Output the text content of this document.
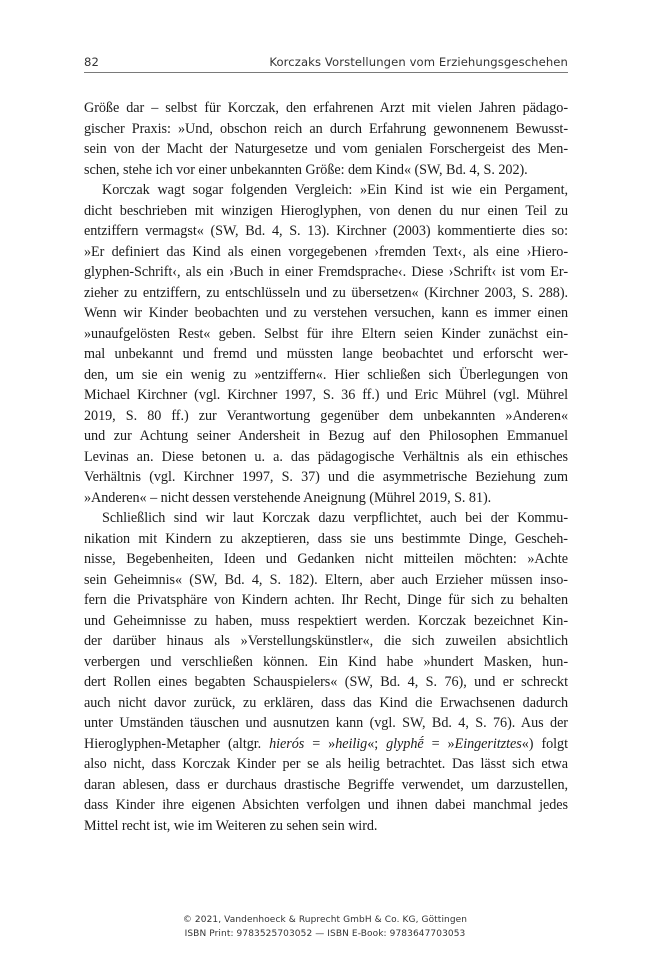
82	Korczaks Vorstellungen vom Erziehungsgeschehen
Größe dar – selbst für Korczak, den erfahrenen Arzt mit vielen Jahren pädago-
gischer Praxis: »Und, obschon reich an durch Erfahrung gewonnenem Bewusst-
sein von der Macht der Naturgesetze und vom genialen Forschergeist des Men-
schen, stehe ich vor einer unbekannten Größe: dem Kind« (SW, Bd. 4, S. 202).
Korczak wagt sogar folgenden Vergleich: »Ein Kind ist wie ein Pergament,
dicht beschrieben mit winzigen Hieroglyphen, von denen du nur einen Teil zu
entziffern vermagst« (SW, Bd. 4, S. 13). Kirchner (2003) kommentierte dies so:
»Er definiert das Kind als einen vorgegebenen ›fremden Text‹, als eine ›Hiero-
glyphen-Schrift‹, als ein ›Buch in einer Fremdsprache‹. Diese ›Schrift‹ ist vom Er-
zieher zu entziffern, zu entschlüsseln und zu übersetzen« (Kirchner 2003, S. 288).
Wenn wir Kinder beobachten und zu verstehen versuchen, kann es immer einen
»unaufgelösten Rest« geben. Selbst für ihre Eltern seien Kinder zunächst ein-
mal unbekannt und fremd und müssten lange beobachtet und erforscht wer-
den, um sie ein wenig zu »entziffern«. Hier schließen sich Überlegungen von
Michael Kirchner (vgl. Kirchner 1997, S. 36 ff.) und Eric Mührel (vgl. Mührel
2019, S. 80 ff.) zur Verantwortung gegenüber dem unbekannten »Anderen«
und zur Achtung seiner Andersheit in Bezug auf den Philosophen Emmanuel
Levinas an. Diese betonen u. a. das pädagogische Verhältnis als ein ethisches
Verhältnis (vgl. Kirchner 1997, S. 37) und die asymmetrische Beziehung zum
»Anderen« – nicht dessen verstehende Aneignung (Mührel 2019, S. 81).
Schließlich sind wir laut Korczak dazu verpflichtet, auch bei der Kommu-
nikation mit Kindern zu akzeptieren, dass sie uns bestimmte Dinge, Gescheh-
nisse, Begebenheiten, Ideen und Gedanken nicht mitteilen möchten: »Achte
sein Geheimnis« (SW, Bd. 4, S. 182). Eltern, aber auch Erzieher müssen inso-
fern die Privatsphäre von Kindern achten. Ihr Recht, Dinge für sich zu behalten
und Geheimnisse zu haben, muss respektiert werden. Korczak bezeichnet Kin-
der darüber hinaus als »Verstellungskünstler«, die sich zuweilen absichtlich
verbergen und verschließen können. Ein Kind habe »hundert Masken, hun-
dert Rollen eines begabten Schauspielers« (SW, Bd. 4, S. 76), und er schreckt
auch nicht davor zurück, zu erklären, dass das Kind die Erwachsenen dadurch
unter Umständen täuschen und ausnutzen kann (vgl. SW, Bd. 4, S. 76). Aus der
Hieroglyphen-Metapher (altgr. hierós = »heilig«; glyphḗ = »Eingeritztes«) folgt
also nicht, dass Korczak Kinder per se als heilig betrachtet. Das lässt sich etwa
daran ablesen, dass er durchaus drastische Begriffe verwendet, um darzustellen,
dass Kinder ihre eigenen Absichten verfolgen und ihnen dabei manchmal jedes
Mittel recht ist, wie im Weiteren zu sehen sein wird.
© 2021, Vandenhoeck & Ruprecht GmbH & Co. KG, Göttingen
ISBN Print: 9783525703052 — ISBN E-Book: 9783647703053
